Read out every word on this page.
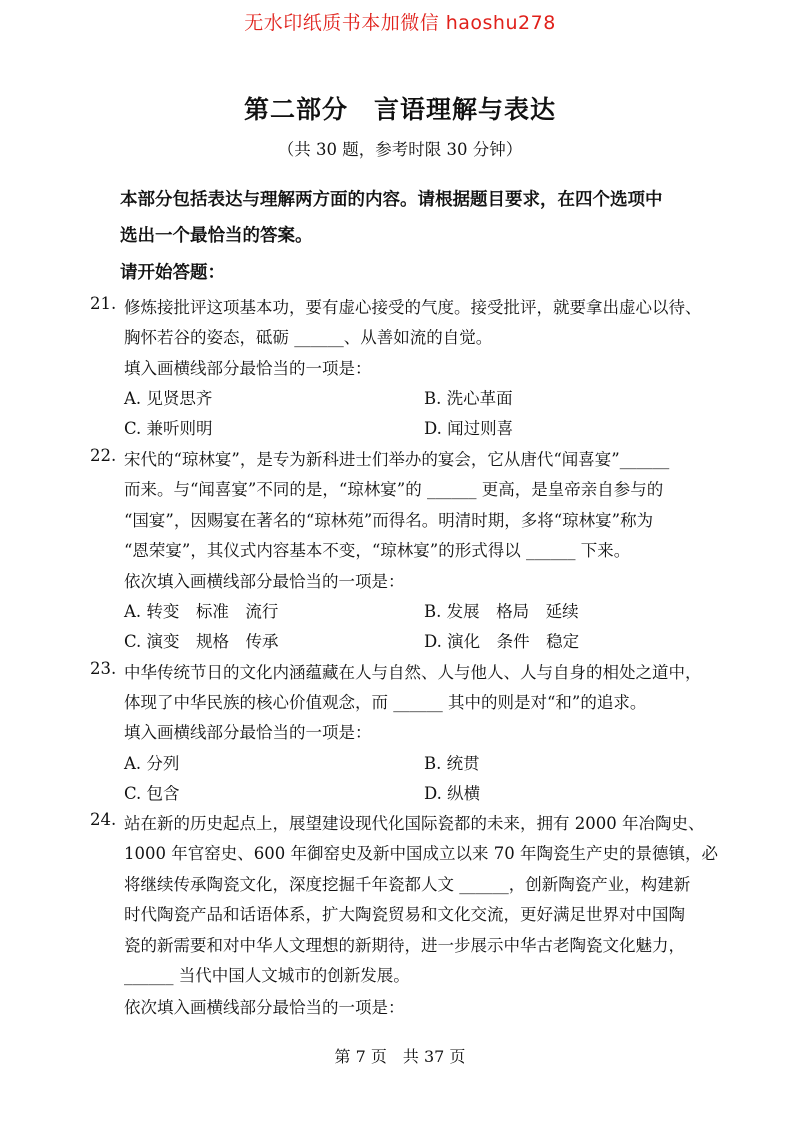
无水印纸质书本加微信 haoshu278
第二部分　言语理解与表达
（共 30 题，参考时限 30 分钟）
本部分包括表达与理解两方面的内容。请根据题目要求，在四个选项中
选出一个最恰当的答案。
请开始答题：
21. 修炼接批评这项基本功，要有虚心接受的气度。接受批评，就要拿出虚心以待、
胸怀若谷的姿态，砥砺 ______、从善如流的自觉。
填入画横线部分最恰当的一项是：
A. 见贤思齐	B. 洗心革面
C. 兼听则明	D. 闻过则喜
22. 宋代的“琼林宴”，是专为新科进士们举办的宴会，它从唐代“闻喜宴”______
而来。与“闻喜宴”不同的是，“琼林宴”的 ______ 更高，是皇帝亲自参与的
“国宴”，因赐宴在著名的“琼林苑”而得名。明清时期，多将“琼林宴”称为
“恩荣宴”，其仪式内容基本不变，“琼林宴”的形式得以 ______ 下来。
依次填入画横线部分最恰当的一项是：
A. 转变　标准　流行	B. 发展　格局　延续
C. 演变　规格　传承	D. 演化　条件　稳定
23. 中华传统节日的文化内涵蕴藏在人与自然、人与他人、人与自身的相处之道中，
体现了中华民族的核心价值观念，而 ______ 其中的则是对“和”的追求。
填入画横线部分最恰当的一项是：
A. 分列	B. 统贯
C. 包含	D. 纵横
24. 站在新的历史起点上，展望建设现代化国际瓷都的未来，拥有 2000 年冶陶史、
1000 年官窑史、600 年御窑史及新中国成立以来 70 年陶瓷生产史的景德镇，必
将继续传承陶瓷文化，深度挖掘千年瓷都人文 ______，创新陶瓷产业，构建新
时代陶瓷产品和话语体系，扩大陶瓷贸易和文化交流，更好满足世界对中国陶
瓷的新需要和对中华人文理想的新期待，进一步展示中华古老陶瓷文化魅力，
______ 当代中国人文城市的创新发展。
依次填入画横线部分最恰当的一项是：
第 7 页　共 37 页
